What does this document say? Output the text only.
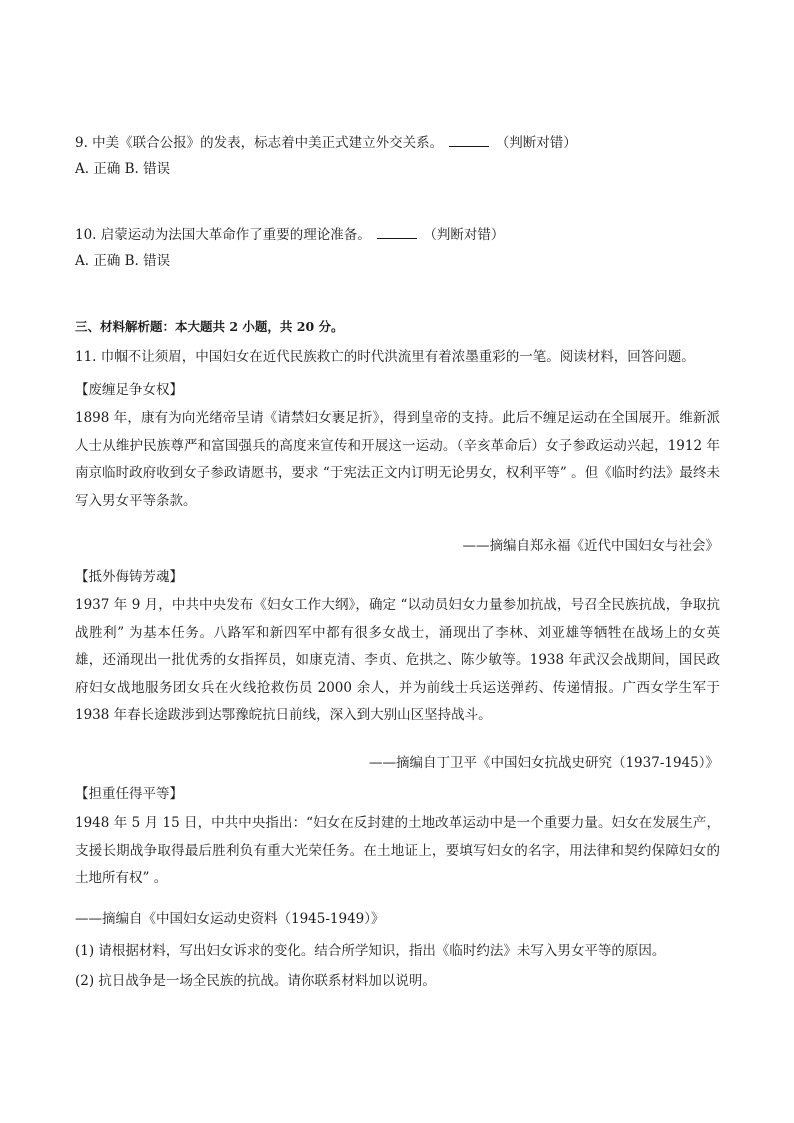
9. 中美《联合公报》的发表，标志着中美正式建立外交关系。	（判断对错）
A. 正确 B. 错误
10. 启蒙运动为法国大革命作了重要的理论准备。	（判断对错）
A. 正确 B. 错误
三、材料解析题：本大题共 2 小题，共 20 分。
11. 巾帼不让须眉，中国妇女在近代民族救亡的时代洪流里有着浓墨重彩的一笔。阅读材料，回答问题。
【废缠足争女权】
1898 年，康有为向光绪帝呈请《请禁妇女裹足折》，得到皇帝的支持。此后不缠足运动在全国展开。维新派人士从维护民族尊严和富国强兵的高度来宣传和开展这一运动。（辛亥革命后）女子参政运动兴起，1912 年南京临时政府收到女子参政请愿书，要求 “于宪法正文内订明无论男女，权利平等” 。但《临时约法》最终未写入男女平等条款。
——摘编自郑永福《近代中国妇女与社会》
【抵外侮铸芳魂】
1937 年 9 月，中共中央发布《妇女工作大纲》，确定 “以动员妇女力量参加抗战，号召全民族抗战，争取抗战胜利” 为基本任务。八路军和新四军中都有很多女战士，涌现出了李林、刘亚雄等牺牲在战场上的女英雄，还涌现出一批优秀的女指挥员，如康克清、李贞、危拱之、陈少敏等。1938 年武汉会战期间，国民政府妇女战地服务团女兵在火线抢救伤员 2000 余人，并为前线士兵运送弹药、传递情报。广西女学生军于 1938 年春长途跋涉到达鄂豫皖抗日前线，深入到大别山区坚持战斗。
——摘编自丁卫平《中国妇女抗战史研究（1937-1945）》
【担重任得平等】
1948 年 5 月 15 日，中共中央指出：“妇女在反封建的土地改革运动中是一个重要力量。妇女在发展生产，支援长期战争取得最后胜利负有重大光荣任务。在土地证上，要填写妇女的名字，用法律和契约保障妇女的土地所有权” 。
——摘编自《中国妇女运动史资料（1945-1949）》
(1) 请根据材料，写出妇女诉求的变化。结合所学知识，指出《临时约法》未写入男女平等的原因。
(2) 抗日战争是一场全民族的抗战。请你联系材料加以说明。
